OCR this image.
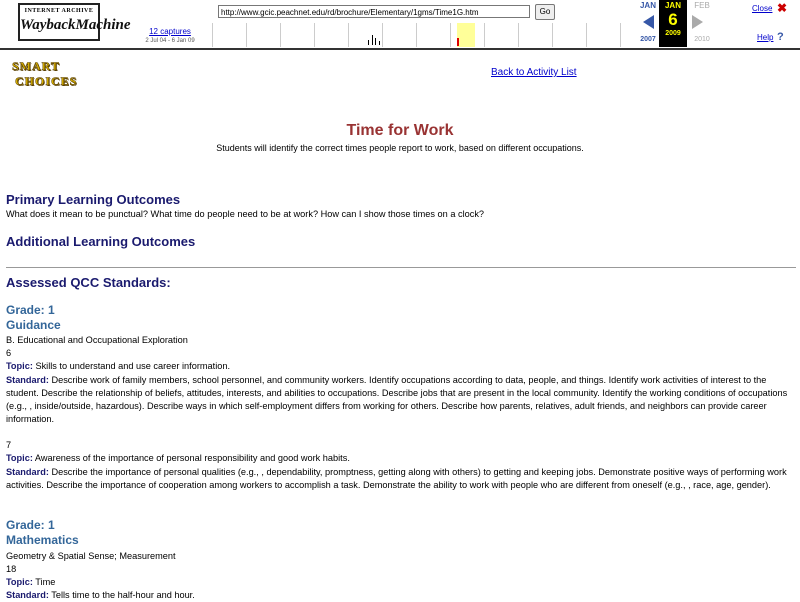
INTERNET ARCHIVE
WaybackMachine
http://www.gcic.peachnet.edu/rd/brochure/Elementary/1gms/Time1G.htm	Go
12 captures
2 Jul 04 - 6 Jan 09
JAN	JAN
6
2009
FEB
2007	2010
Close ✖
Help ?
SMART
CHOICES
Back to Activity List
Time for Work
Students will identify the correct times people report to work, based on different occupations.
Primary Learning Outcomes
What does it mean to be punctual? What time do people need to be at work? How can I show those times on a clock?
Additional Learning Outcomes
Assessed QCC Standards:
Grade: 1
Guidance
B. Educational and Occupational Exploration
6
Topic: Skills to understand and use career information.
Standard: Describe work of family members, school personnel, and community workers. Identify occupations according to data, people, and things. Identify work activities of interest to the student. Describe the relationship of beliefs, attitudes, interests, and abilities to occupations. Describe jobs that are present in the local community. Identify the working conditions of occupations (e.g., , inside/outside, hazardous). Describe ways in which self-employment differs from working for others. Describe how parents, relatives, adult friends, and neighbors can provide career information.
7
Topic: Awareness of the importance of personal responsibility and good work habits.
Standard: Describe the importance of personal qualities (e.g., , dependability, promptness, getting along with others) to getting and keeping jobs. Demonstrate positive ways of performing work activities. Describe the importance of cooperation among workers to accomplish a task. Demonstrate the ability to work with people who are different from oneself (e.g., , race, age, gender).
Grade: 1
Mathematics
Geometry & Spatial Sense; Measurement
18
Topic: Time
Standard: Tells time to the half-hour and hour.
